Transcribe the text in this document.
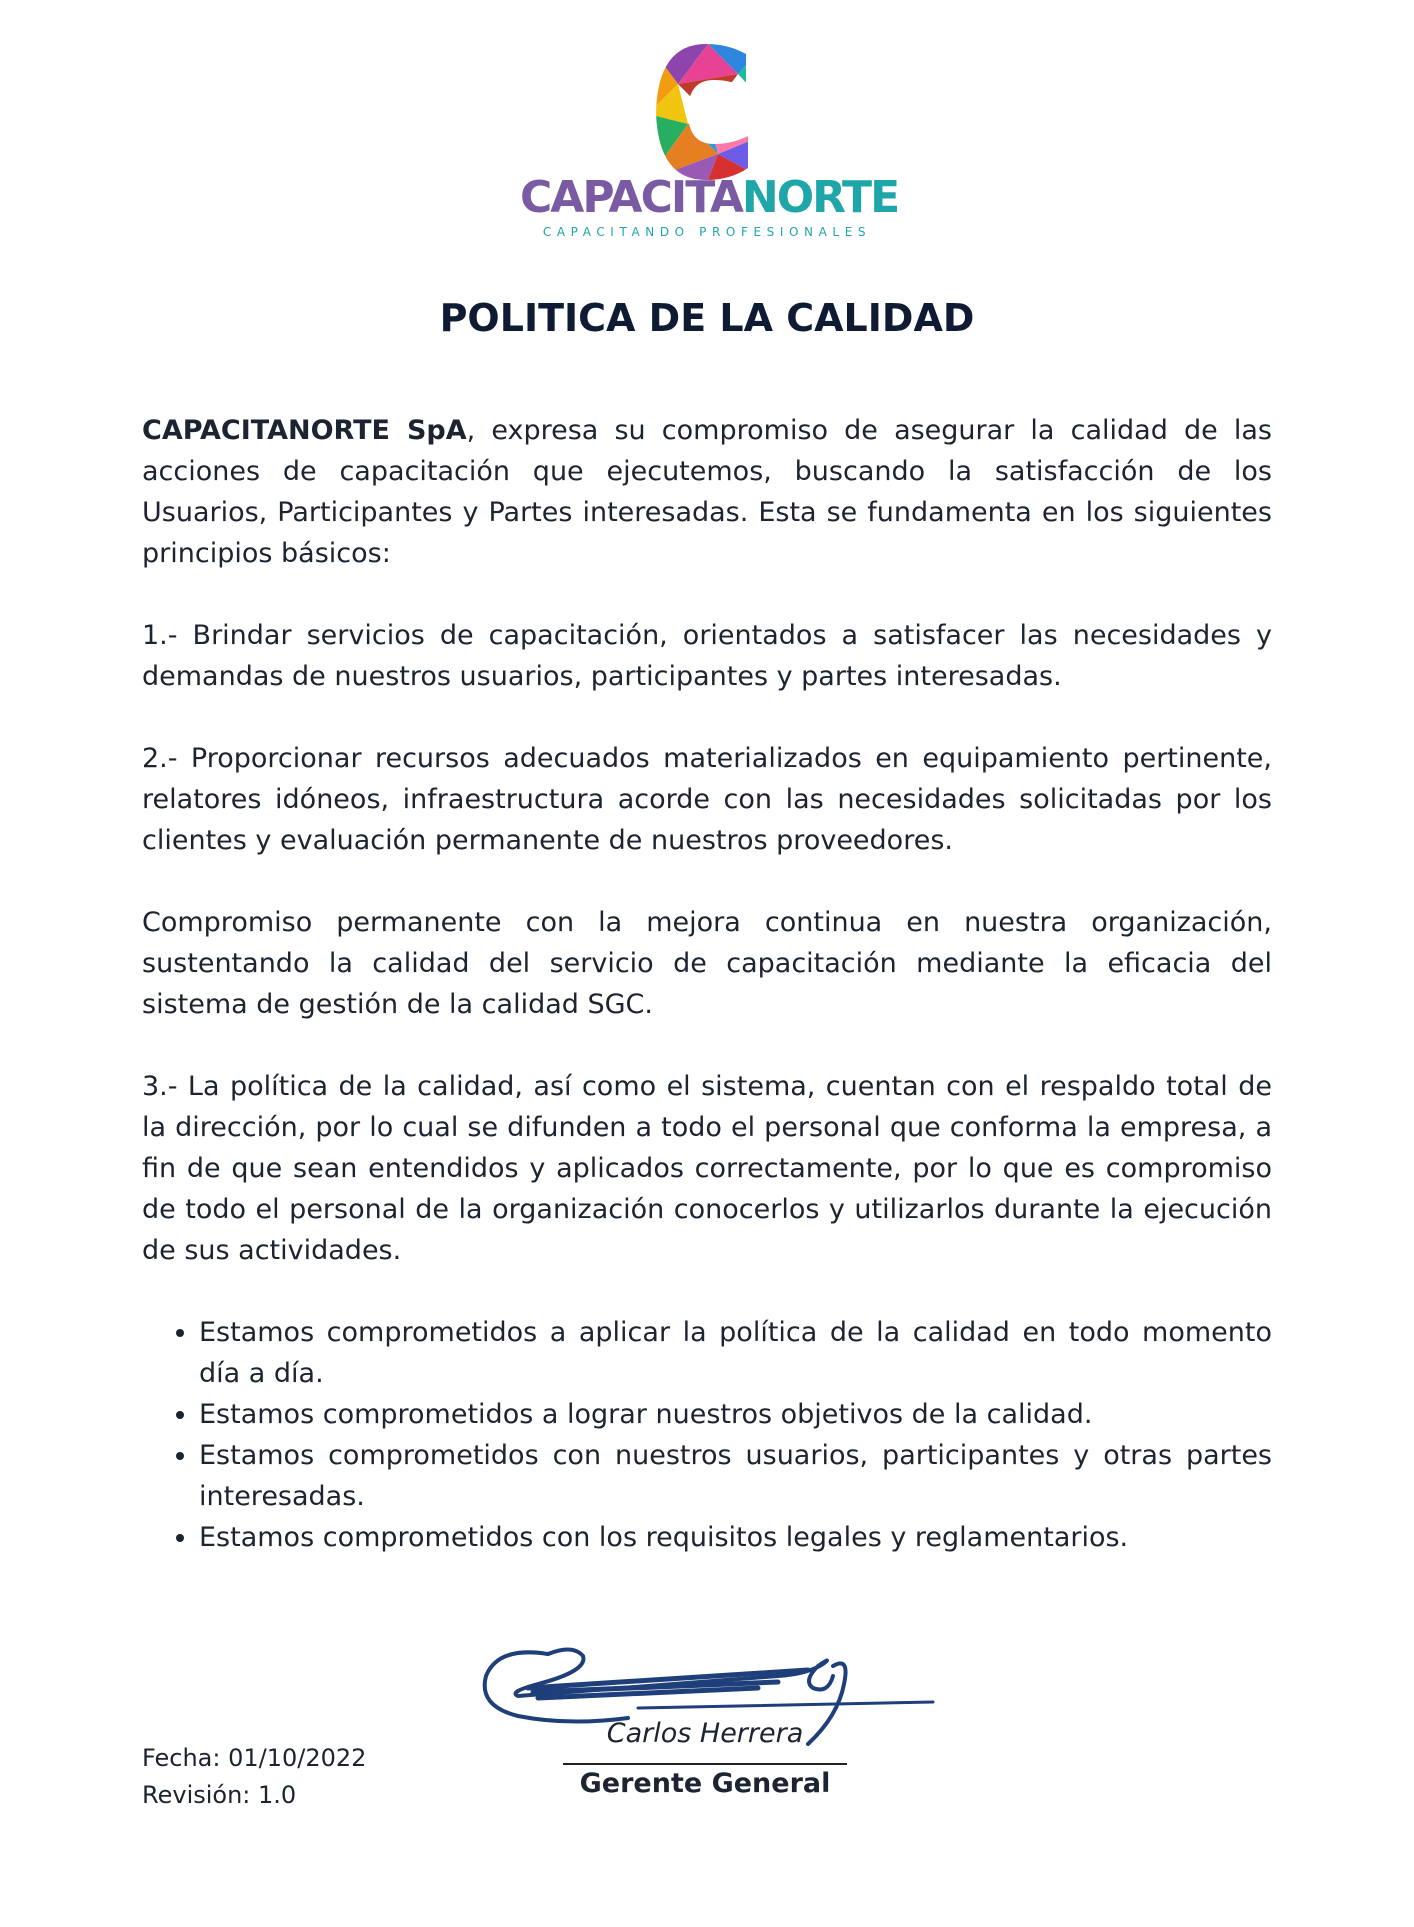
CAPACITANORTE
CAPACITANDO PROFESIONALES
POLITICA DE LA CALIDAD

CAPACITANORTE SpA, expresa su compromiso de asegurar la calidad de las acciones de capacitación que ejecutemos, buscando la satisfacción de los Usuarios, Participantes y Partes interesadas. Esta se fundamenta en los siguientes principios básicos:

1.- Brindar servicios de capacitación, orientados a satisfacer las necesidades y demandas de nuestros usuarios, participantes y partes interesadas.

2.- Proporcionar recursos adecuados materializados en equipamiento pertinente, relatores idóneos, infraestructura acorde con las necesidades solicitadas por los clientes y evaluación permanente de nuestros proveedores.

Compromiso permanente con la mejora continua en nuestra organización, sustentando la calidad del servicio de capacitación mediante la eficacia del sistema de gestión de la calidad SGC.

3.- La política de la calidad, así como el sistema, cuentan con el respaldo total de la dirección, por lo cual se difunden a todo el personal que conforma la empresa, a fin de que sean entendidos y aplicados correctamente, por lo que es compromiso de todo el personal de la organización conocerlos y utilizarlos durante la ejecución de sus actividades.

• Estamos comprometidos a aplicar la política de la calidad en todo momento día a día.
• Estamos comprometidos a lograr nuestros objetivos de la calidad.
• Estamos comprometidos con nuestros usuarios, participantes y otras partes interesadas.
• Estamos comprometidos con los requisitos legales y reglamentarios.
Carlos Herrera
Gerente General
Fecha: 01/10/2022
Revisión: 1.0
